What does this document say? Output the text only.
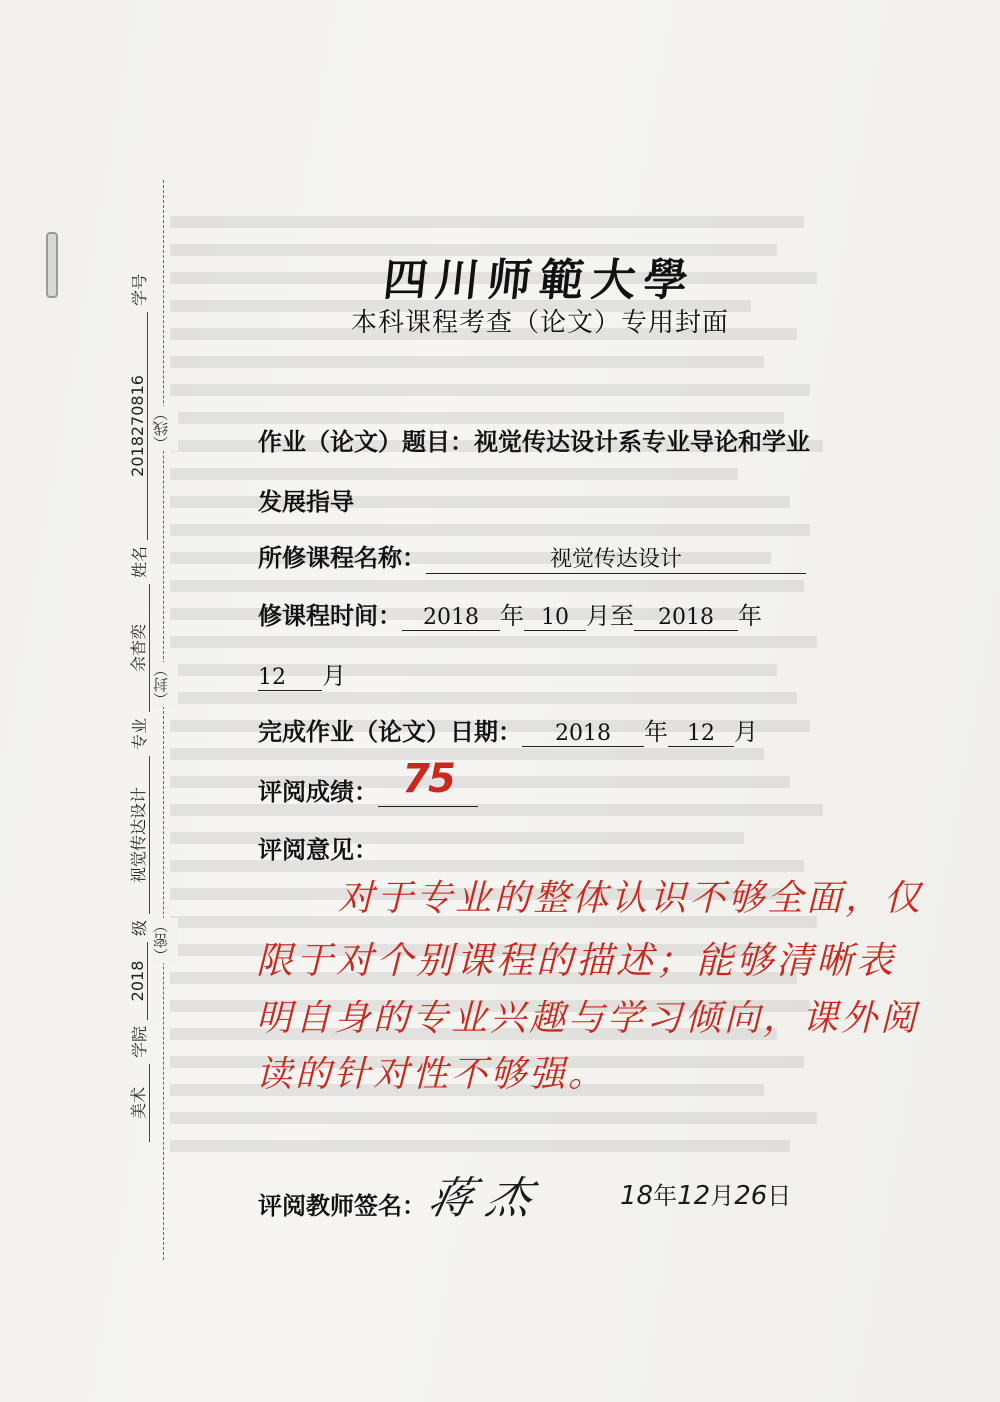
（线）
（封）
（密）
美术
学院
2018
级
视觉传达设计
专业
余杳奕
姓名
2018270816
学号	四川师範大學
本科课程考查（论文）专用封面
作业（论文）题目：视觉传达设计系专业导论和学业
发展指导
所修课程名称：	视觉传达设计
修课程时间： 2018 年 10 月至 2018 年
12 月
完成作业（论文）日期： 2018 年 12 月
评阅成绩： 75
评阅意见：
对于专业的整体认识不够全面，仅
限于对个别课程的描述；能够清晰表
明自身的专业兴趣与学习倾向，课外阅
读的针对性不够强。
评阅教师签名：
蒋杰	18年12月26日
